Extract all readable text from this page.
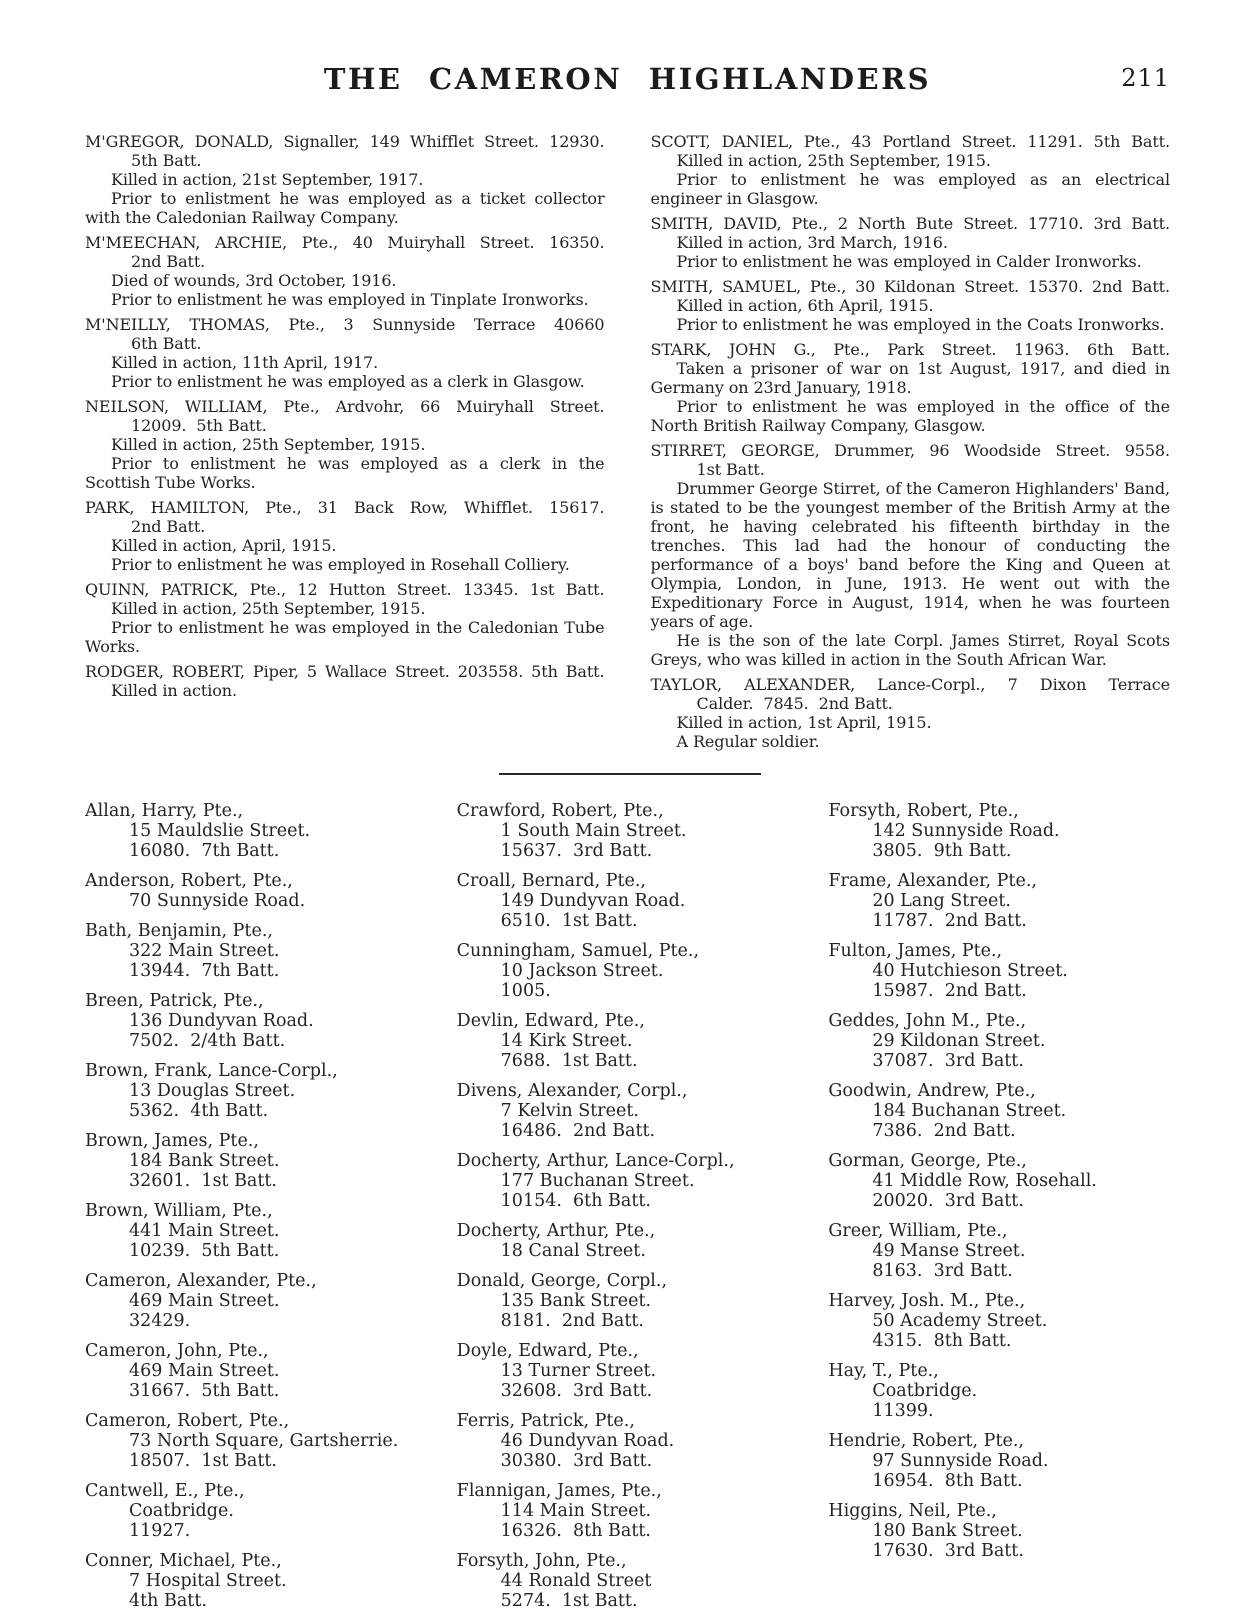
THE CAMERON HIGHLANDERS	211
M'GREGOR, DONALD, Signaller, 149 Whifflet Street. 12930.
5th Batt.

Killed in action, 21st September, 1917.

Prior to enlistment he was employed as a ticket collector with the Caledonian Railway Company.

M'MEECHAN, ARCHIE, Pte., 40 Muiryhall Street. 16350.
2nd Batt.

Died of wounds, 3rd October, 1916.

Prior to enlistment he was employed in Tinplate Ironworks.

M'NEILLY, THOMAS, Pte., 3 Sunnyside Terrace 40660
6th Batt.

Killed in action, 11th April, 1917.

Prior to enlistment he was employed as a clerk in Glasgow.

NEILSON, WILLIAM, Pte., Ardvohr, 66 Muiryhall Street.
12009.  5th Batt.

Killed in action, 25th September, 1915.

Prior to enlistment he was employed as a clerk in the Scottish Tube Works.

PARK, HAMILTON, Pte., 31 Back Row, Whifflet. 15617.
2nd Batt.

Killed in action, April, 1915.

Prior to enlistment he was employed in Rosehall Colliery.

QUINN, PATRICK, Pte., 12 Hutton Street. 13345. 1st Batt.

Killed in action, 25th September, 1915.

Prior to enlistment he was employed in the Caledonian Tube Works.

RODGER, ROBERT, Piper, 5 Wallace Street. 203558. 5th Batt.

Killed in action.

SCOTT, DANIEL, Pte., 43 Portland Street. 11291. 5th Batt.

Killed in action, 25th September, 1915.

Prior to enlistment he was employed as an electrical engineer in Glasgow.

SMITH, DAVID, Pte., 2 North Bute Street. 17710. 3rd Batt.

Killed in action, 3rd March, 1916.

Prior to enlistment he was employed in Calder Ironworks.

SMITH, SAMUEL, Pte., 30 Kildonan Street. 15370. 2nd Batt.

Killed in action, 6th April, 1915.

Prior to enlistment he was employed in the Coats Ironworks.

STARK, JOHN G., Pte., Park Street. 11963. 6th Batt.

Taken a prisoner of war on 1st August, 1917, and died in Germany on 23rd January, 1918.

Prior to enlistment he was employed in the office of the North British Railway Company, Glasgow.

STIRRET, GEORGE, Drummer, 96 Woodside Street. 9558.
1st Batt.

Drummer George Stirret, of the Cameron Highlanders' Band, is stated to be the youngest member of the British Army at the front, he having celebrated his fifteenth birthday in the trenches. This lad had the honour of conducting the performance of a boys' band before the King and Queen at Olympia, London, in June, 1913. He went out with the Expeditionary Force in August, 1914, when he was fourteen years of age.

He is the son of the late Corpl. James Stirret, Royal Scots Greys, who was killed in action in the South African War.

TAYLOR, ALEXANDER, Lance-Corpl., 7 Dixon Terrace
Calder.  7845.  2nd Batt.

Killed in action, 1st April, 1915.

A Regular soldier.

Allan, Harry, Pte.,
15 Mauldslie Street.
16080.  7th Batt.
Anderson, Robert, Pte.,
70 Sunnyside Road.
Bath, Benjamin, Pte.,
322 Main Street.
13944.  7th Batt.
Breen, Patrick, Pte.,
136 Dundyvan Road.
7502.  2/4th Batt.
Brown, Frank, Lance-Corpl.,
13 Douglas Street.
5362.  4th Batt.
Brown, James, Pte.,
184 Bank Street.
32601.  1st Batt.
Brown, William, Pte.,
441 Main Street.
10239.  5th Batt.
Cameron, Alexander, Pte.,
469 Main Street.
32429.
Cameron, John, Pte.,
469 Main Street.
31667.  5th Batt.
Cameron, Robert, Pte.,
73 North Square, Gartsherrie.
18507.  1st Batt.
Cantwell, E., Pte.,
Coatbridge.
11927.
Conner, Michael, Pte.,
7 Hospital Street.
4th Batt.
Crawford, Robert, Pte.,
1 South Main Street.
15637.  3rd Batt.
Croall, Bernard, Pte.,
149 Dundyvan Road.
6510.  1st Batt.
Cunningham, Samuel, Pte.,
10 Jackson Street.
1005.
Devlin, Edward, Pte.,
14 Kirk Street.
7688.  1st Batt.
Divens, Alexander, Corpl.,
7 Kelvin Street.
16486.  2nd Batt.
Docherty, Arthur, Lance-Corpl.,
177 Buchanan Street.
10154.  6th Batt.
Docherty, Arthur, Pte.,
18 Canal Street.
Donald, George, Corpl.,
135 Bank Street.
8181.  2nd Batt.
Doyle, Edward, Pte.,
13 Turner Street.
32608.  3rd Batt.
Ferris, Patrick, Pte.,
46 Dundyvan Road.
30380.  3rd Batt.
Flannigan, James, Pte.,
114 Main Street.
16326.  8th Batt.
Forsyth, John, Pte.,
44 Ronald Street
5274.  1st Batt.
Forsyth, Robert, Pte.,
142 Sunnyside Road.
3805.  9th Batt.
Frame, Alexander, Pte.,
20 Lang Street.
11787.  2nd Batt.
Fulton, James, Pte.,
40 Hutchieson Street.
15987.  2nd Batt.
Geddes, John M., Pte.,
29 Kildonan Street.
37087.  3rd Batt.
Goodwin, Andrew, Pte.,
184 Buchanan Street.
7386.  2nd Batt.
Gorman, George, Pte.,
41 Middle Row, Rosehall.
20020.  3rd Batt.
Greer, William, Pte.,
49 Manse Street.
8163.  3rd Batt.
Harvey, Josh. M., Pte.,
50 Academy Street.
4315.  8th Batt.
Hay, T., Pte.,
Coatbridge.
11399.
Hendrie, Robert, Pte.,
97 Sunnyside Road.
16954.  8th Batt.
Higgins, Neil, Pte.,
180 Bank Street.
17630.  3rd Batt.
